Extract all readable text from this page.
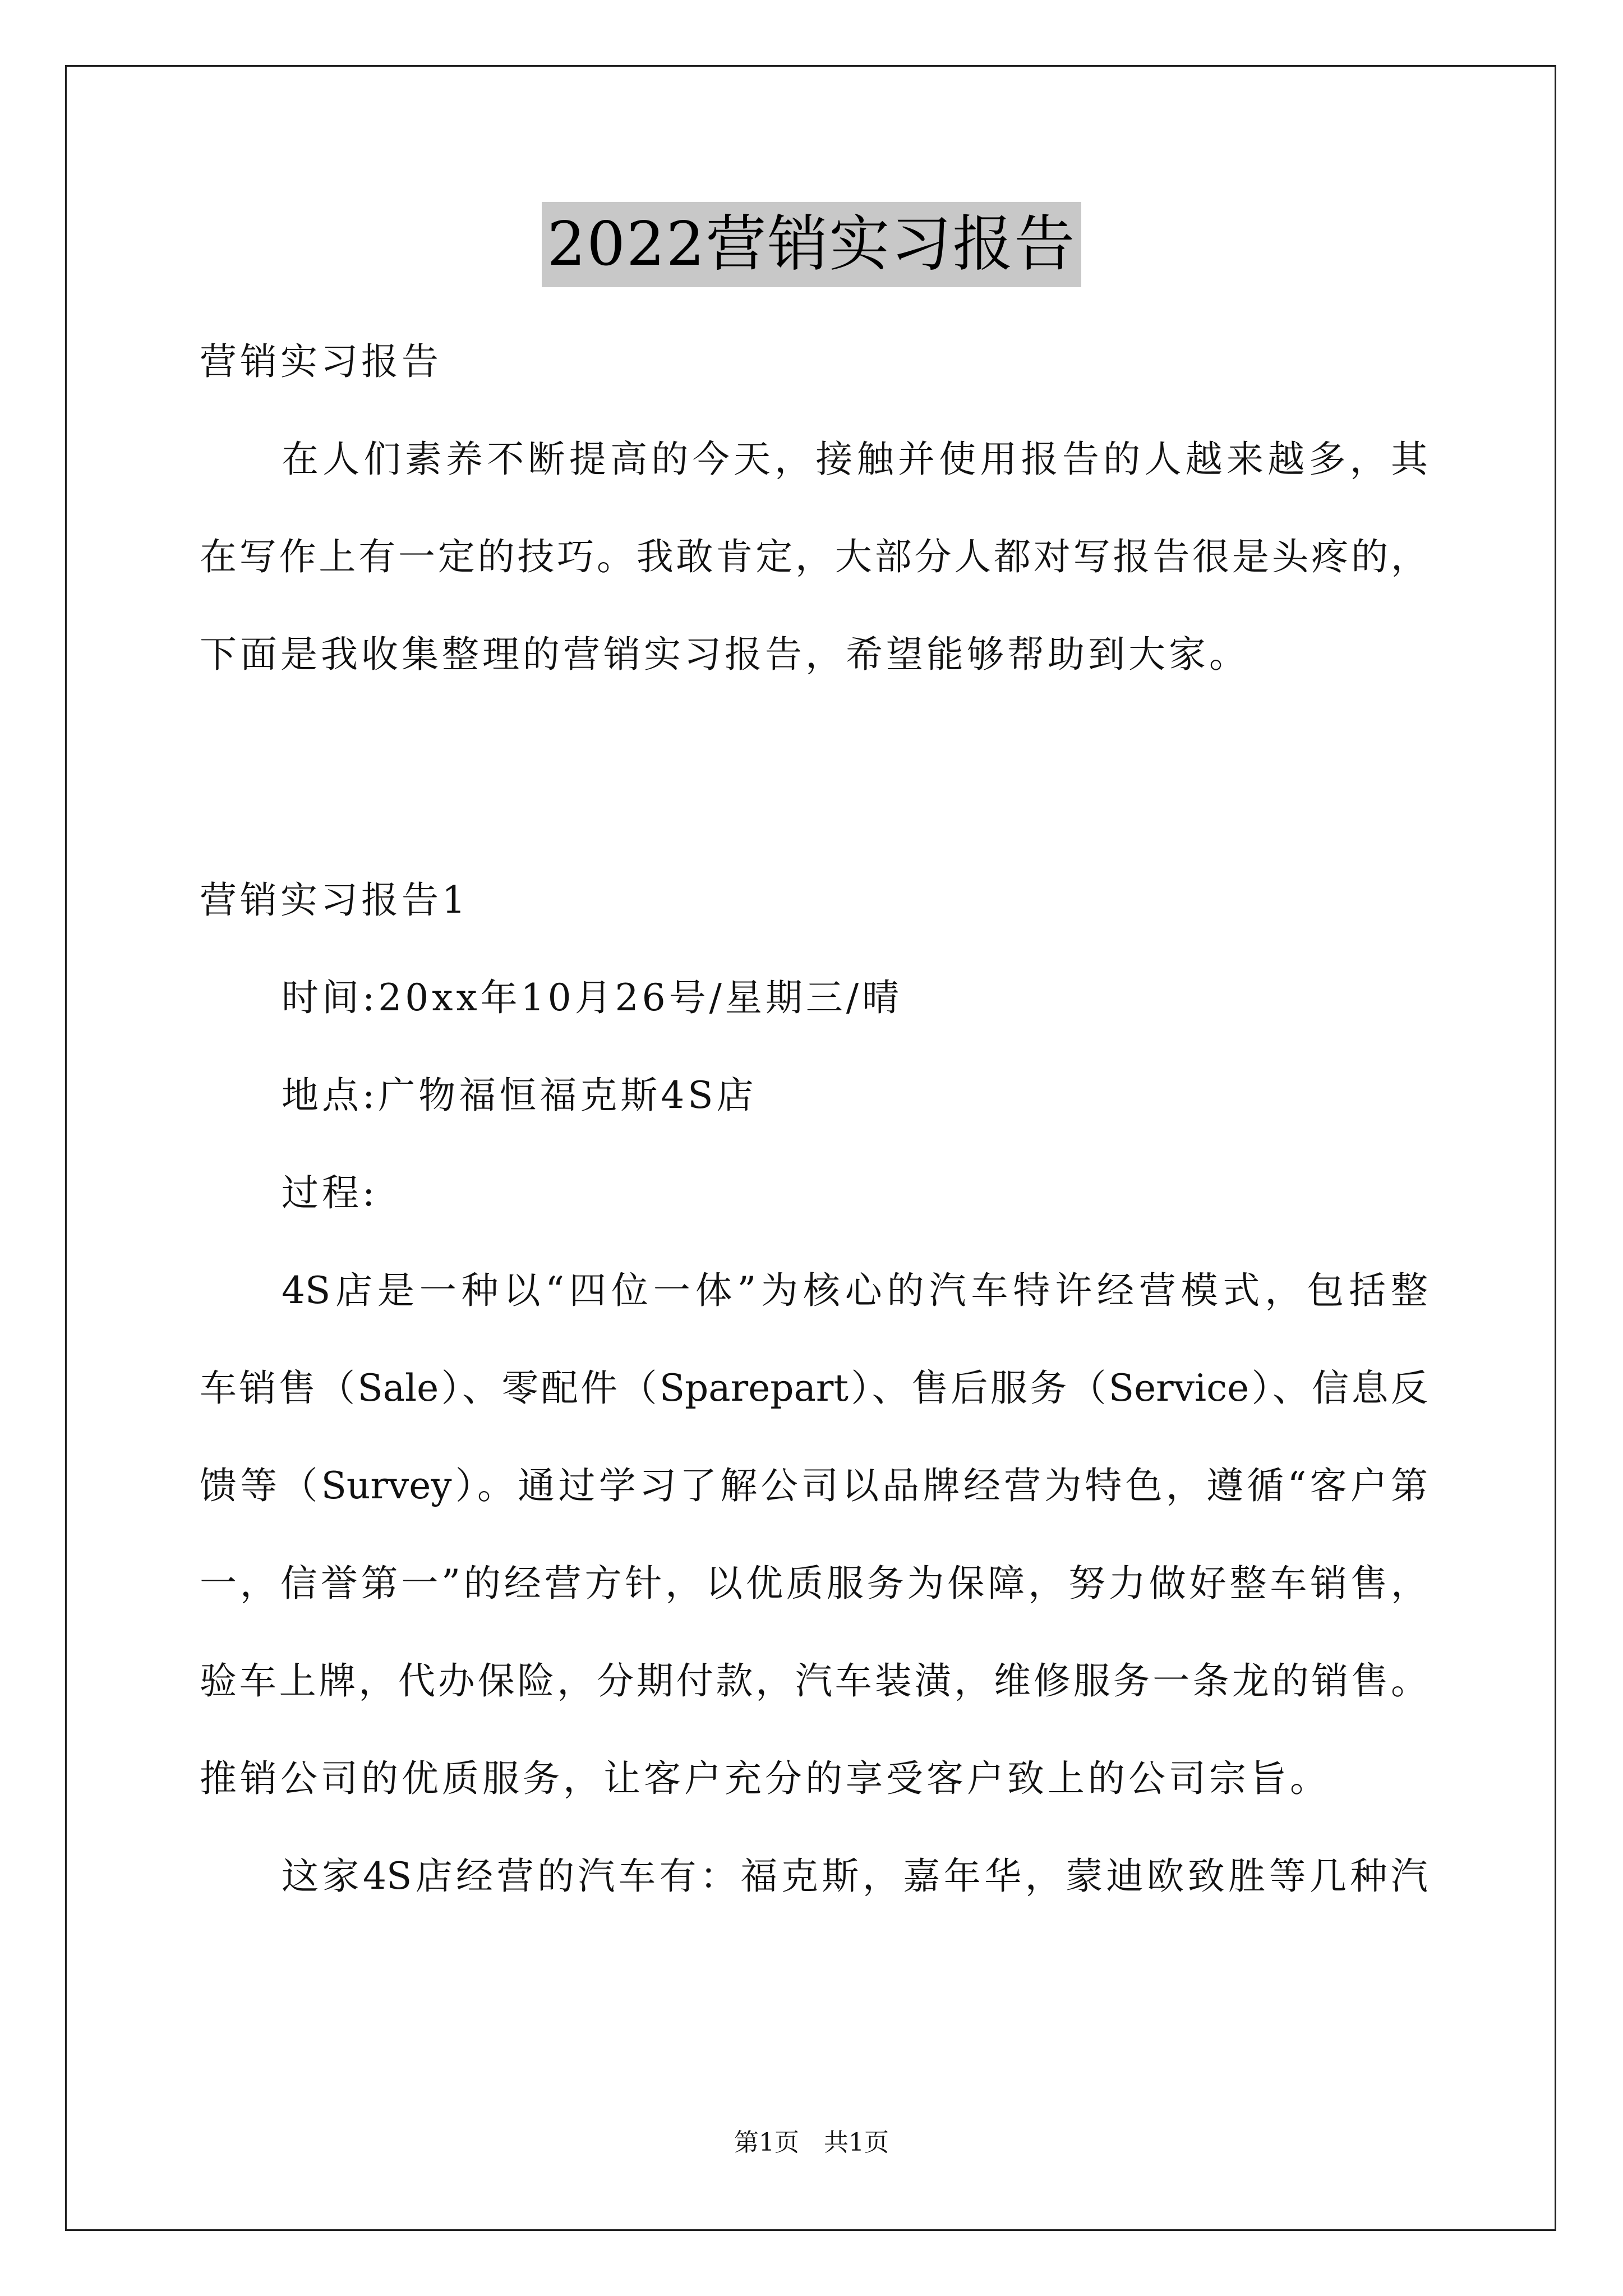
2022营销实习报告
营销实习报告
在人们素养不断提高的今天，接触并使用报告的人越来越多，其
在写作上有一定的技巧。我敢肯定，大部分人都对写报告很是头疼的，
下面是我收集整理的营销实习报告，希望能够帮助到大家。
营销实习报告1
时间:20xx年10月26号/星期三/晴
地点:广物福恒福克斯4S店
过程:
4S店是一种以“四位一体”为核心的汽车特许经营模式，包括整
车销售（Sale）、零配件（Sparepart）、售后服务（Service）、信息反
馈等（Survey）。通过学习了解公司以品牌经营为特色，遵循“客户第
一，信誉第一”的经营方针，以优质服务为保障，努力做好整车销售，
验车上牌，代办保险，分期付款，汽车装潢，维修服务一条龙的销售。
推销公司的优质服务，让客户充分的享受客户致上的公司宗旨。
这家4S店经营的汽车有：福克斯，嘉年华，蒙迪欧致胜等几种汽
第1页　共1页
